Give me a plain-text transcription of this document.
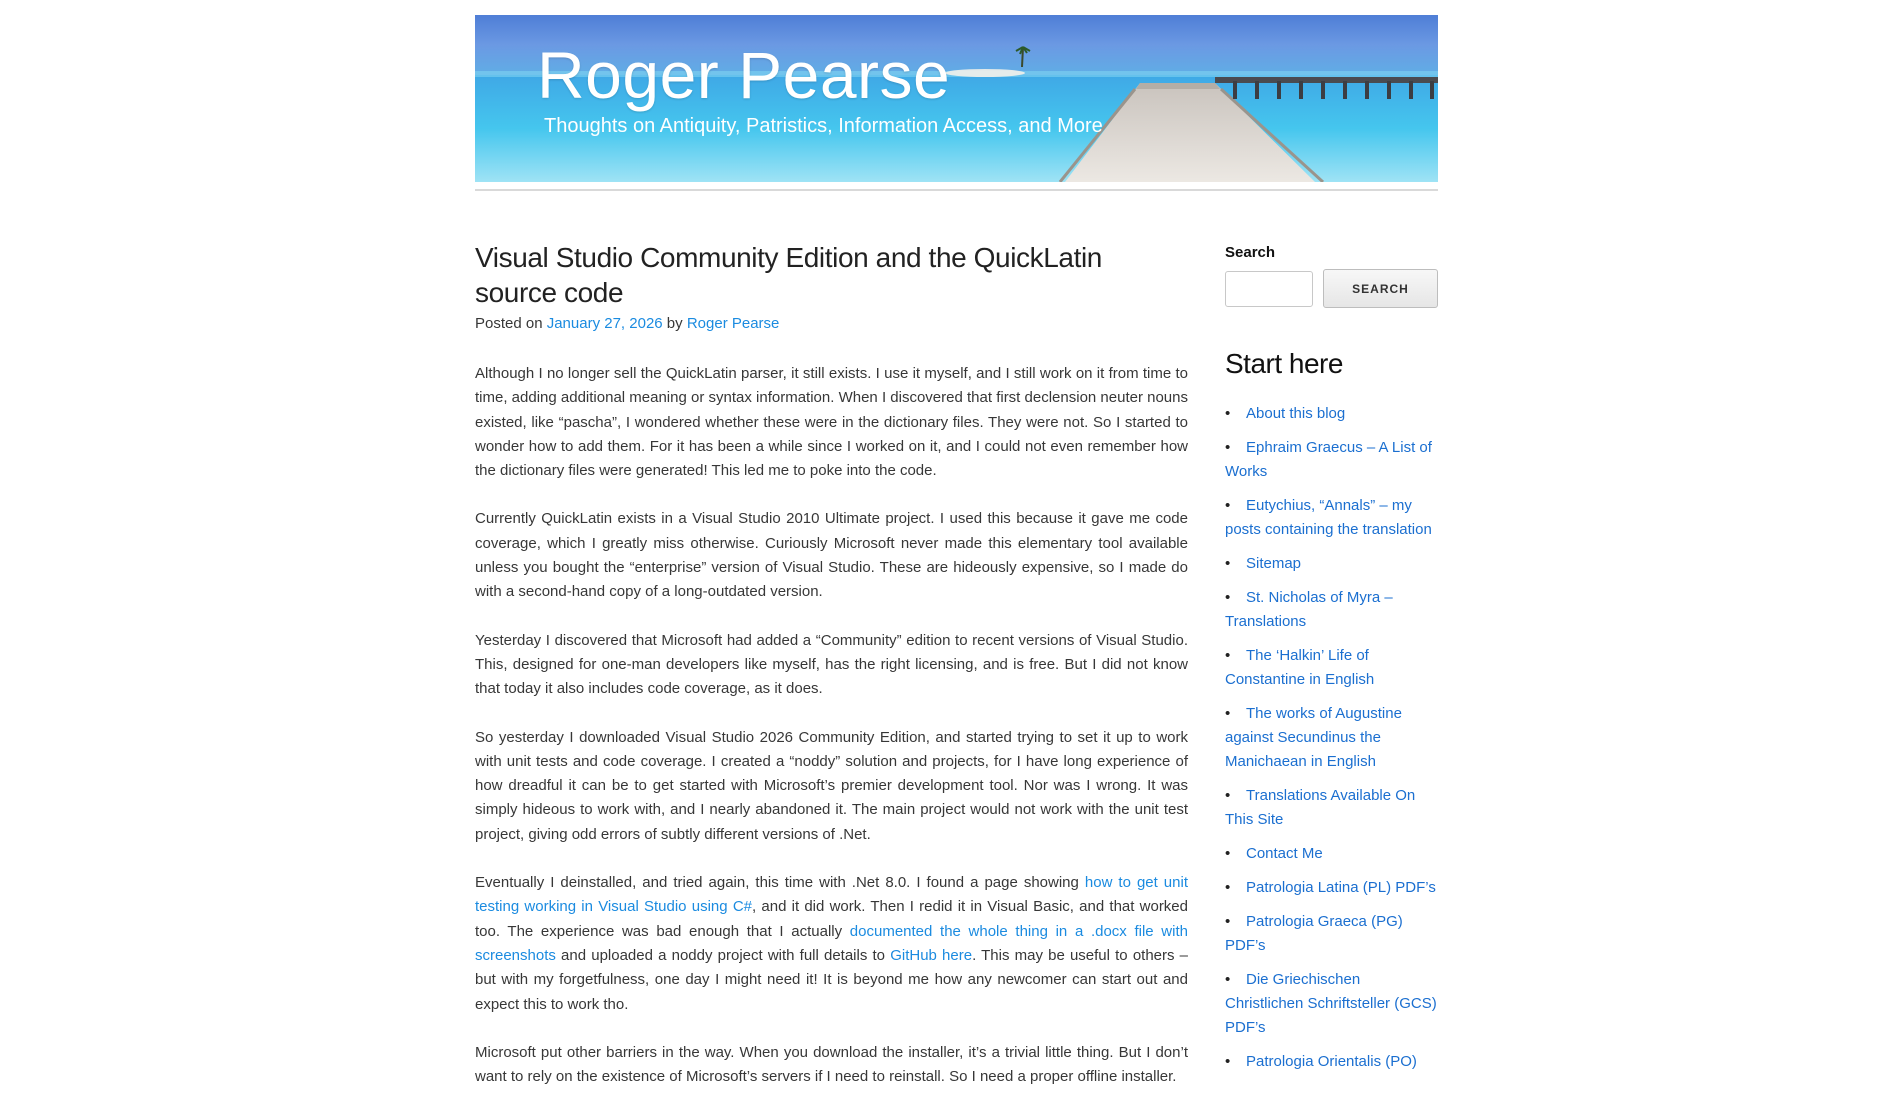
Roger Pearse

Thoughts on Antiquity, Patristics, Information Access, and More

Visual Studio Community Edition and the QuickLatin source code
Posted on January 27, 2026 by Roger Pearse

Although I no longer sell the QuickLatin parser, it still exists. I use it myself, and I still work on it from time to time, adding additional meaning or syntax information. When I discovered that first declension neuter nouns existed, like “pascha”, I wondered whether these were in the dictionary files. They were not. So I started to wonder how to add them. For it has been a while since I worked on it, and I could not even remember how the dictionary files were generated! This led me to poke into the code.

Currently QuickLatin exists in a Visual Studio 2010 Ultimate project. I used this because it gave me code coverage, which I greatly miss otherwise. Curiously Microsoft never made this elementary tool available unless you bought the “enterprise” version of Visual Studio. These are hideously expensive, so I made do with a second-hand copy of a long-outdated version.

Yesterday I discovered that Microsoft had added a “Community” edition to recent versions of Visual Studio. This, designed for one-man developers like myself, has the right licensing, and is free. But I did not know that today it also includes code coverage, as it does.

So yesterday I downloaded Visual Studio 2026 Community Edition, and started trying to set it up to work with unit tests and code coverage. I created a “noddy” solution and projects, for I have long experience of how dreadful it can be to get started with Microsoft’s premier development tool. Nor was I wrong. It was simply hideous to work with, and I nearly abandoned it. The main project would not work with the unit test project, giving odd errors of subtly different versions of .Net.

Eventually I deinstalled, and tried again, this time with .Net 8.0. I found a page showing how to get unit testing working in Visual Studio using C#, and it did work. Then I redid it in Visual Basic, and that worked too. The experience was bad enough that I actually documented the whole thing in a .docx file with screenshots and uploaded a noddy project with full details to GitHub here. This may be useful to others – but with my forgetfulness, one day I might need it! It is beyond me how any newcomer can start out and expect this to work tho.

Microsoft put other barriers in the way. When you download the installer, it’s a trivial little thing. But I don’t want to rely on the existence of Microsoft’s servers if I need to reinstall. So I need a proper offline installer.

Search
SEARCH
Start here
• About this blog
• Ephraim Graecus – A List of Works
• Eutychius, “Annals” – my posts containing the translation
• Sitemap
• St. Nicholas of Myra – Translations
• The ‘Halkin’ Life of Constantine in English
• The works of Augustine against Secundinus the Manichaean in English
• Translations Available On This Site
• Contact Me
• Patrologia Latina (PL) PDF’s
• Patrologia Graeca (PG) PDF’s
• Die Griechischen Christlichen Schriftsteller (GCS) PDF’s
• Patrologia Orientalis (PO)
